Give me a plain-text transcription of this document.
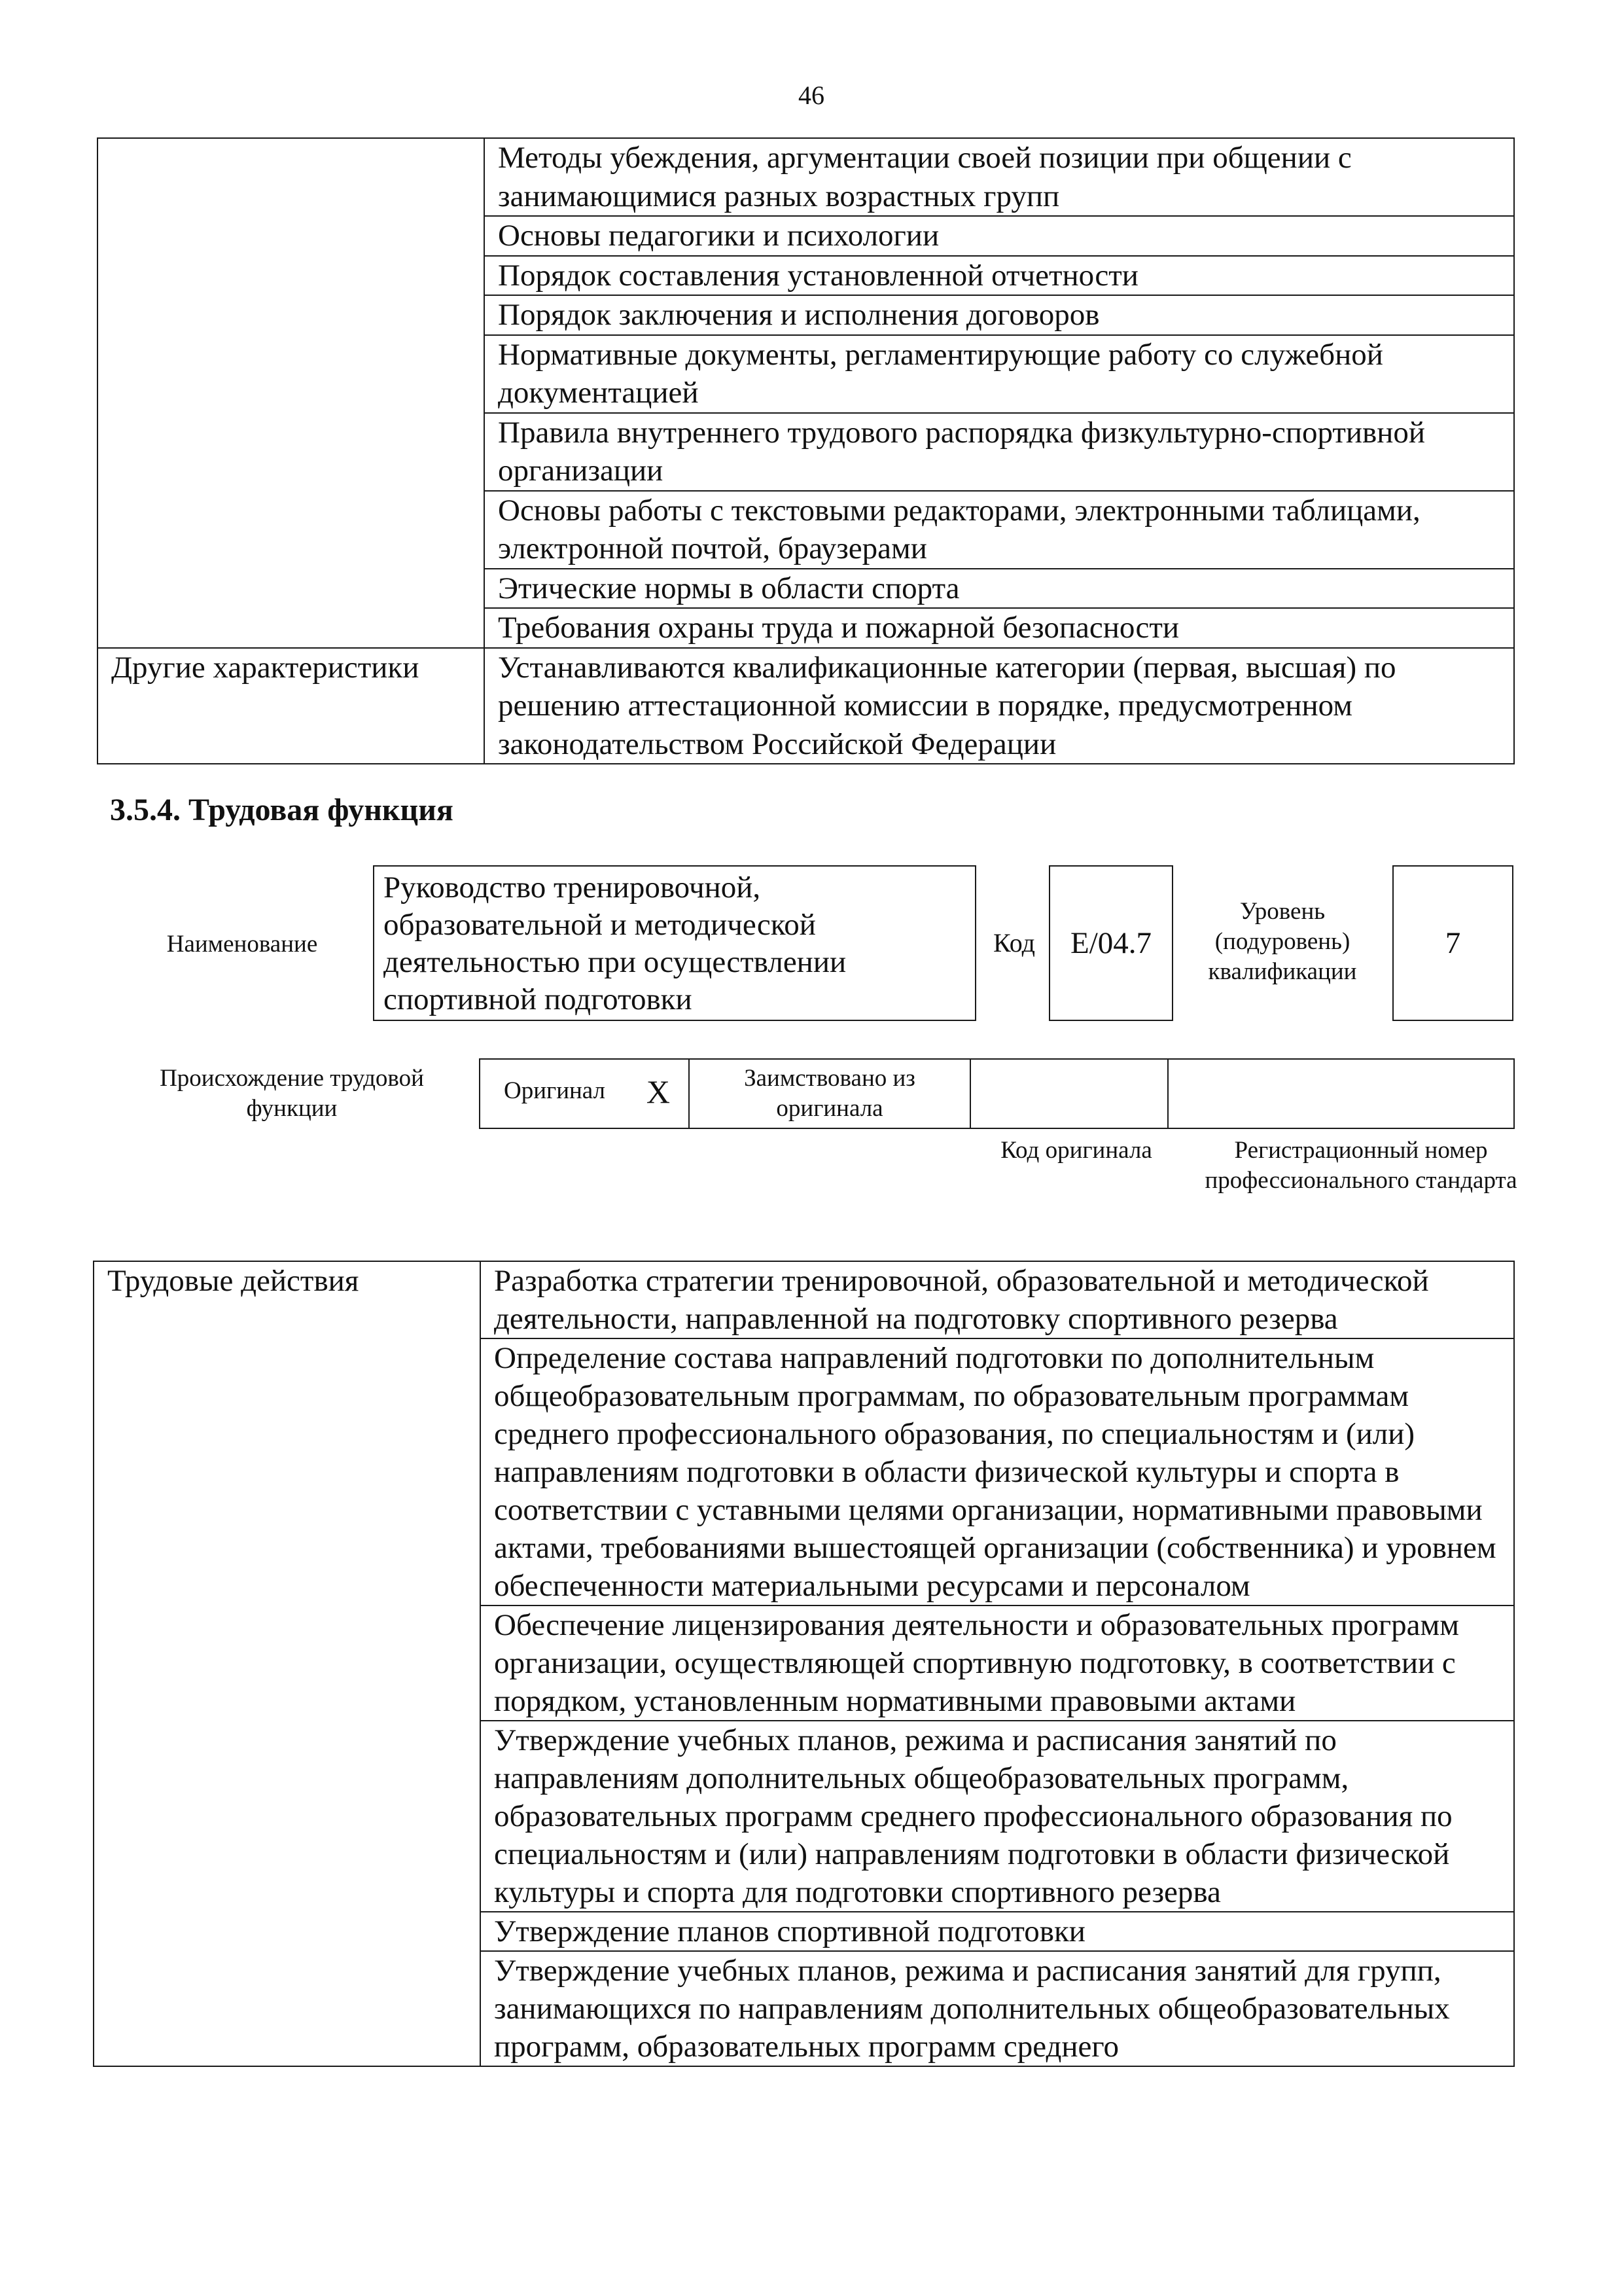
46

	Методы убеждения, аргументации своей позиции при общении с занимающимися разных возрастных групп

	Основы педагогики и психологии

	Порядок составления установленной отчетности

	Порядок заключения и исполнения договоров

	Нормативные документы, регламентирующие работу со служебной документацией

	Правила внутреннего трудового распорядка физкультурно-спортивной организации

	Основы работы с текстовыми редакторами, электронными таблицами, электронной почтой, браузерами

	Этические нормы в области спорта

	Требования охраны труда и пожарной безопасности

Другие характеристики	Устанавливаются квалификационные категории (первая, высшая) по решению аттестационной комиссии в порядке, предусмотренном законодательством Российской Федерации
3.5.4. Трудовая функция
Наименование
Руководство тренировочной, образовательной и методической деятельностью при осуществлении спортивной подготовки
Код	E/04.7
Уровень (подуровень) квалификации
7
Происхождение трудовой функции
Оригинал X	Заимствовано из оригинала

Код оригинала	Регистрационный номер профессионального стандарта
Трудовые действия	Разработка стратегии тренировочной, образовательной и методической деятельности, направленной на подготовку спортивного резерва

Определение состава направлений подготовки по дополнительным общеобразовательным программам, по образовательным программам среднего профессионального образования, по специальностям и (или) направлениям подготовки в области физической культуры и спорта в соответствии с уставными целями организации, нормативными правовыми актами, требованиями вышестоящей организации (собственника) и уровнем обеспеченности материальными ресурсами и персоналом

Обеспечение лицензирования деятельности и образовательных программ организации, осуществляющей спортивную подготовку, в соответствии с порядком, установленным нормативными правовыми актами

Утверждение учебных планов, режима и расписания занятий по направлениям дополнительных общеобразовательных программ, образовательных программ среднего профессионального образования по специальностям и (или) направлениям подготовки в области физической культуры и спорта для подготовки спортивного резерва

Утверждение планов спортивной подготовки

Утверждение учебных планов, режима и расписания занятий для групп, занимающихся по направлениям дополнительных общеобразовательных программ, образовательных программ среднего
